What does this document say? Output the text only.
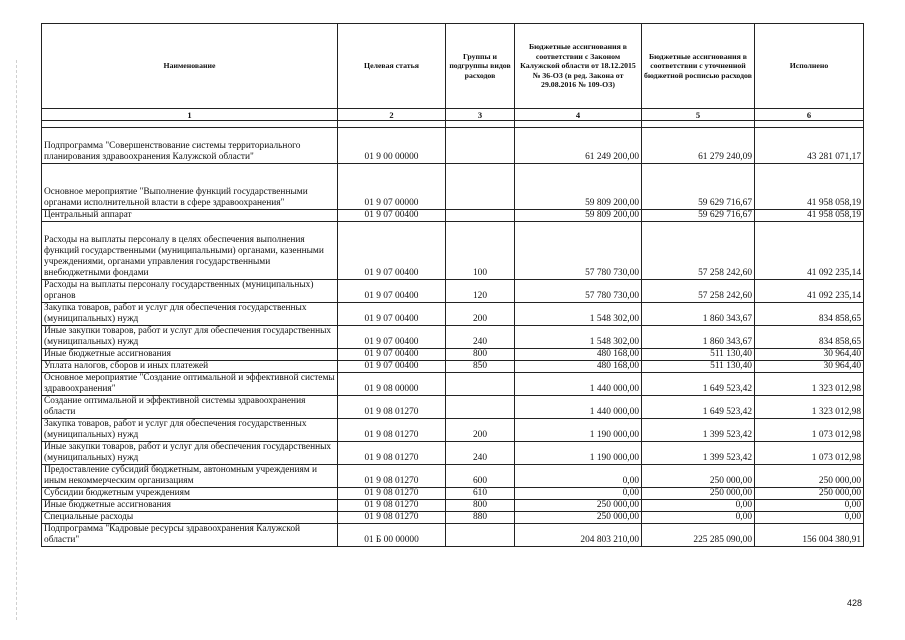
Наименование	Целевая статья	Группы и подгруппы видов расходов	Бюджетные ассигнования в соответствии с Законом Калужской области от 18.12.2015 № 36-ОЗ (в ред. Закона от 29.08.2016 № 109-ОЗ)	Бюджетные ассигнования в соответствии с уточненной бюджетной росписью расходов	Исполнено
1	2	3	4	5	6

Подпрограмма "Совершенствование системы территориального планирования здравоохранения Калужской области"	01 9 00 00000		61 249 200,00	61 279 240,09	43 281 071,17
Основное мероприятие "Выполнение функций государственными органами исполнительной власти в сфере здравоохранения"	01 9 07 00000		59 809 200,00	59 629 716,67	41 958 058,19
Центральный аппарат	01 9 07 00400		59 809 200,00	59 629 716,67	41 958 058,19
Расходы на выплаты персоналу в целях обеспечения выполнения функций государственными (муниципальными) органами, казенными учреждениями, органами управления государственными внебюджетными фондами	01 9 07 00400	100	57 780 730,00	57 258 242,60	41 092 235,14
Расходы на выплаты персоналу государственных (муниципальных) органов	01 9 07 00400	120	57 780 730,00	57 258 242,60	41 092 235,14
Закупка товаров, работ и услуг для обеспечения государственных (муниципальных) нужд	01 9 07 00400	200	1 548 302,00	1 860 343,67	834 858,65
Иные закупки товаров, работ и услуг для обеспечения государственных (муниципальных) нужд	01 9 07 00400	240	1 548 302,00	1 860 343,67	834 858,65
Иные бюджетные ассигнования	01 9 07 00400	800	480 168,00	511 130,40	30 964,40
Уплата налогов, сборов и иных платежей	01 9 07 00400	850	480 168,00	511 130,40	30 964,40
Основное мероприятие "Создание оптимальной и эффективной системы здравоохранения"	01 9 08 00000		1 440 000,00	1 649 523,42	1 323 012,98
Создание оптимальной и эффективной системы здравоохранения области	01 9 08 01270		1 440 000,00	1 649 523,42	1 323 012,98
Закупка товаров, работ и услуг для обеспечения государственных (муниципальных) нужд	01 9 08 01270	200	1 190 000,00	1 399 523,42	1 073 012,98
Иные закупки товаров, работ и услуг для обеспечения государственных (муниципальных) нужд	01 9 08 01270	240	1 190 000,00	1 399 523,42	1 073 012,98
Предоставление субсидий бюджетным, автономным учреждениям и иным некоммерческим организациям	01 9 08 01270	600	0,00	250 000,00	250 000,00
Субсидии бюджетным учреждениям	01 9 08 01270	610	0,00	250 000,00	250 000,00
Иные бюджетные ассигнования	01 9 08 01270	800	250 000,00	0,00	0,00
Специальные расходы	01 9 08 01270	880	250 000,00	0,00	0,00
Подпрограмма "Кадровые ресурсы здравоохранения Калужской области"	01 Б 00 00000		204 803 210,00	225 285 090,00	156 004 380,91
428
